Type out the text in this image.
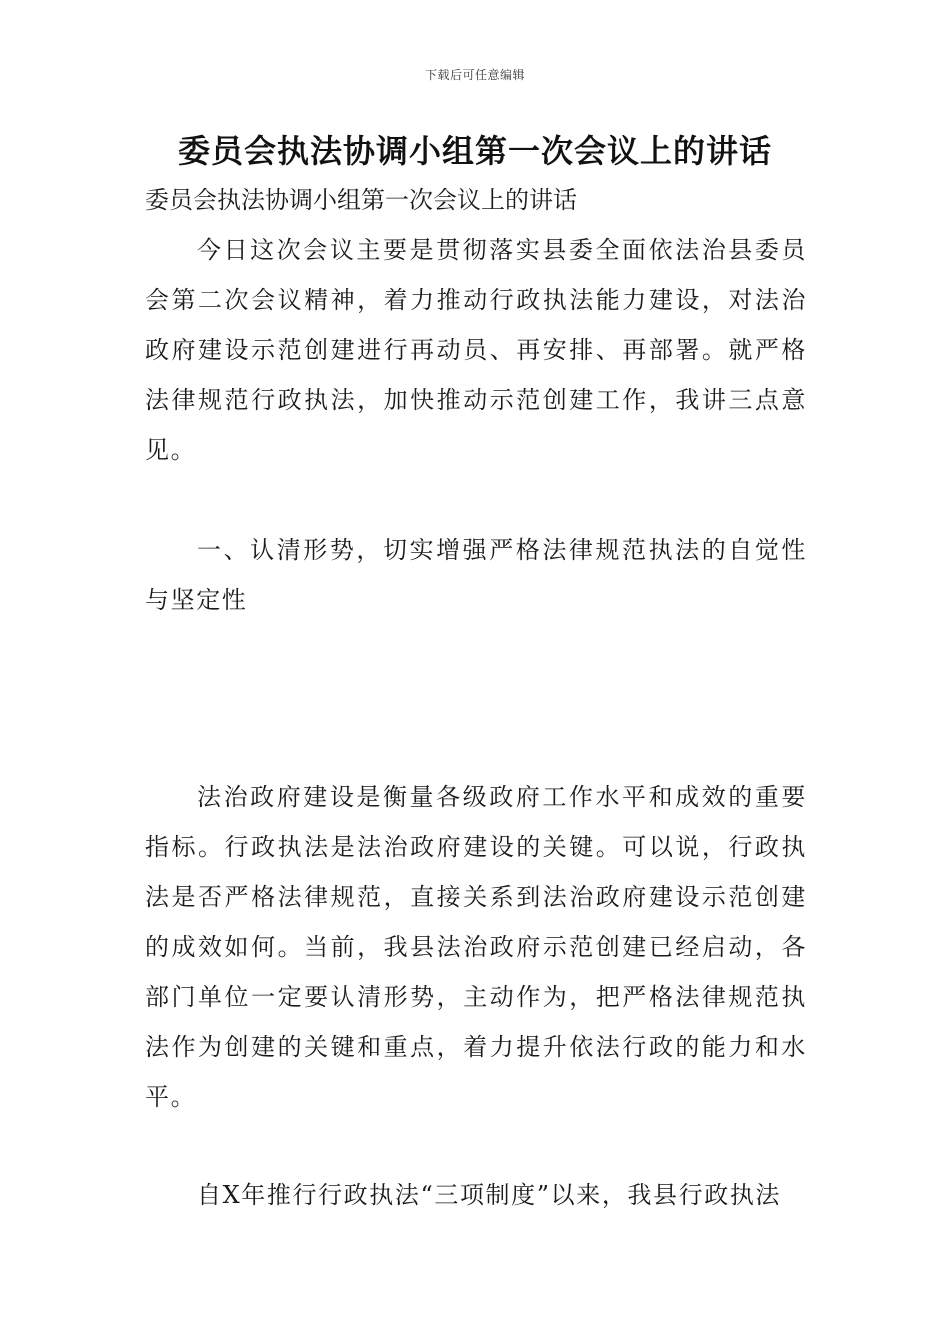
下载后可任意编辑
委员会执法协调小组第一次会议上的讲话

委员会执法协调小组第一次会议上的讲话

今日这次会议主要是贯彻落实县委全面依法治县委员会第二次会议精神，着力推动行政执法能力建设，对法治政府建设示范创建进行再动员、再安排、再部署。就严格法律规范行政执法，加快推动示范创建工作，我讲三点意见。

一、认清形势，切实增强严格法律规范执法的自觉性与坚定性

法治政府建设是衡量各级政府工作水平和成效的重要指标。行政执法是法治政府建设的关键。可以说，行政执法是否严格法律规范，直接关系到法治政府建设示范创建的成效如何。当前，我县法治政府示范创建已经启动，各部门单位一定要认清形势，主动作为，把严格法律规范执法作为创建的关键和重点，着力提升依法行政的能力和水平。

自X年推行行政执法“三项制度”以来，我县行政执法
